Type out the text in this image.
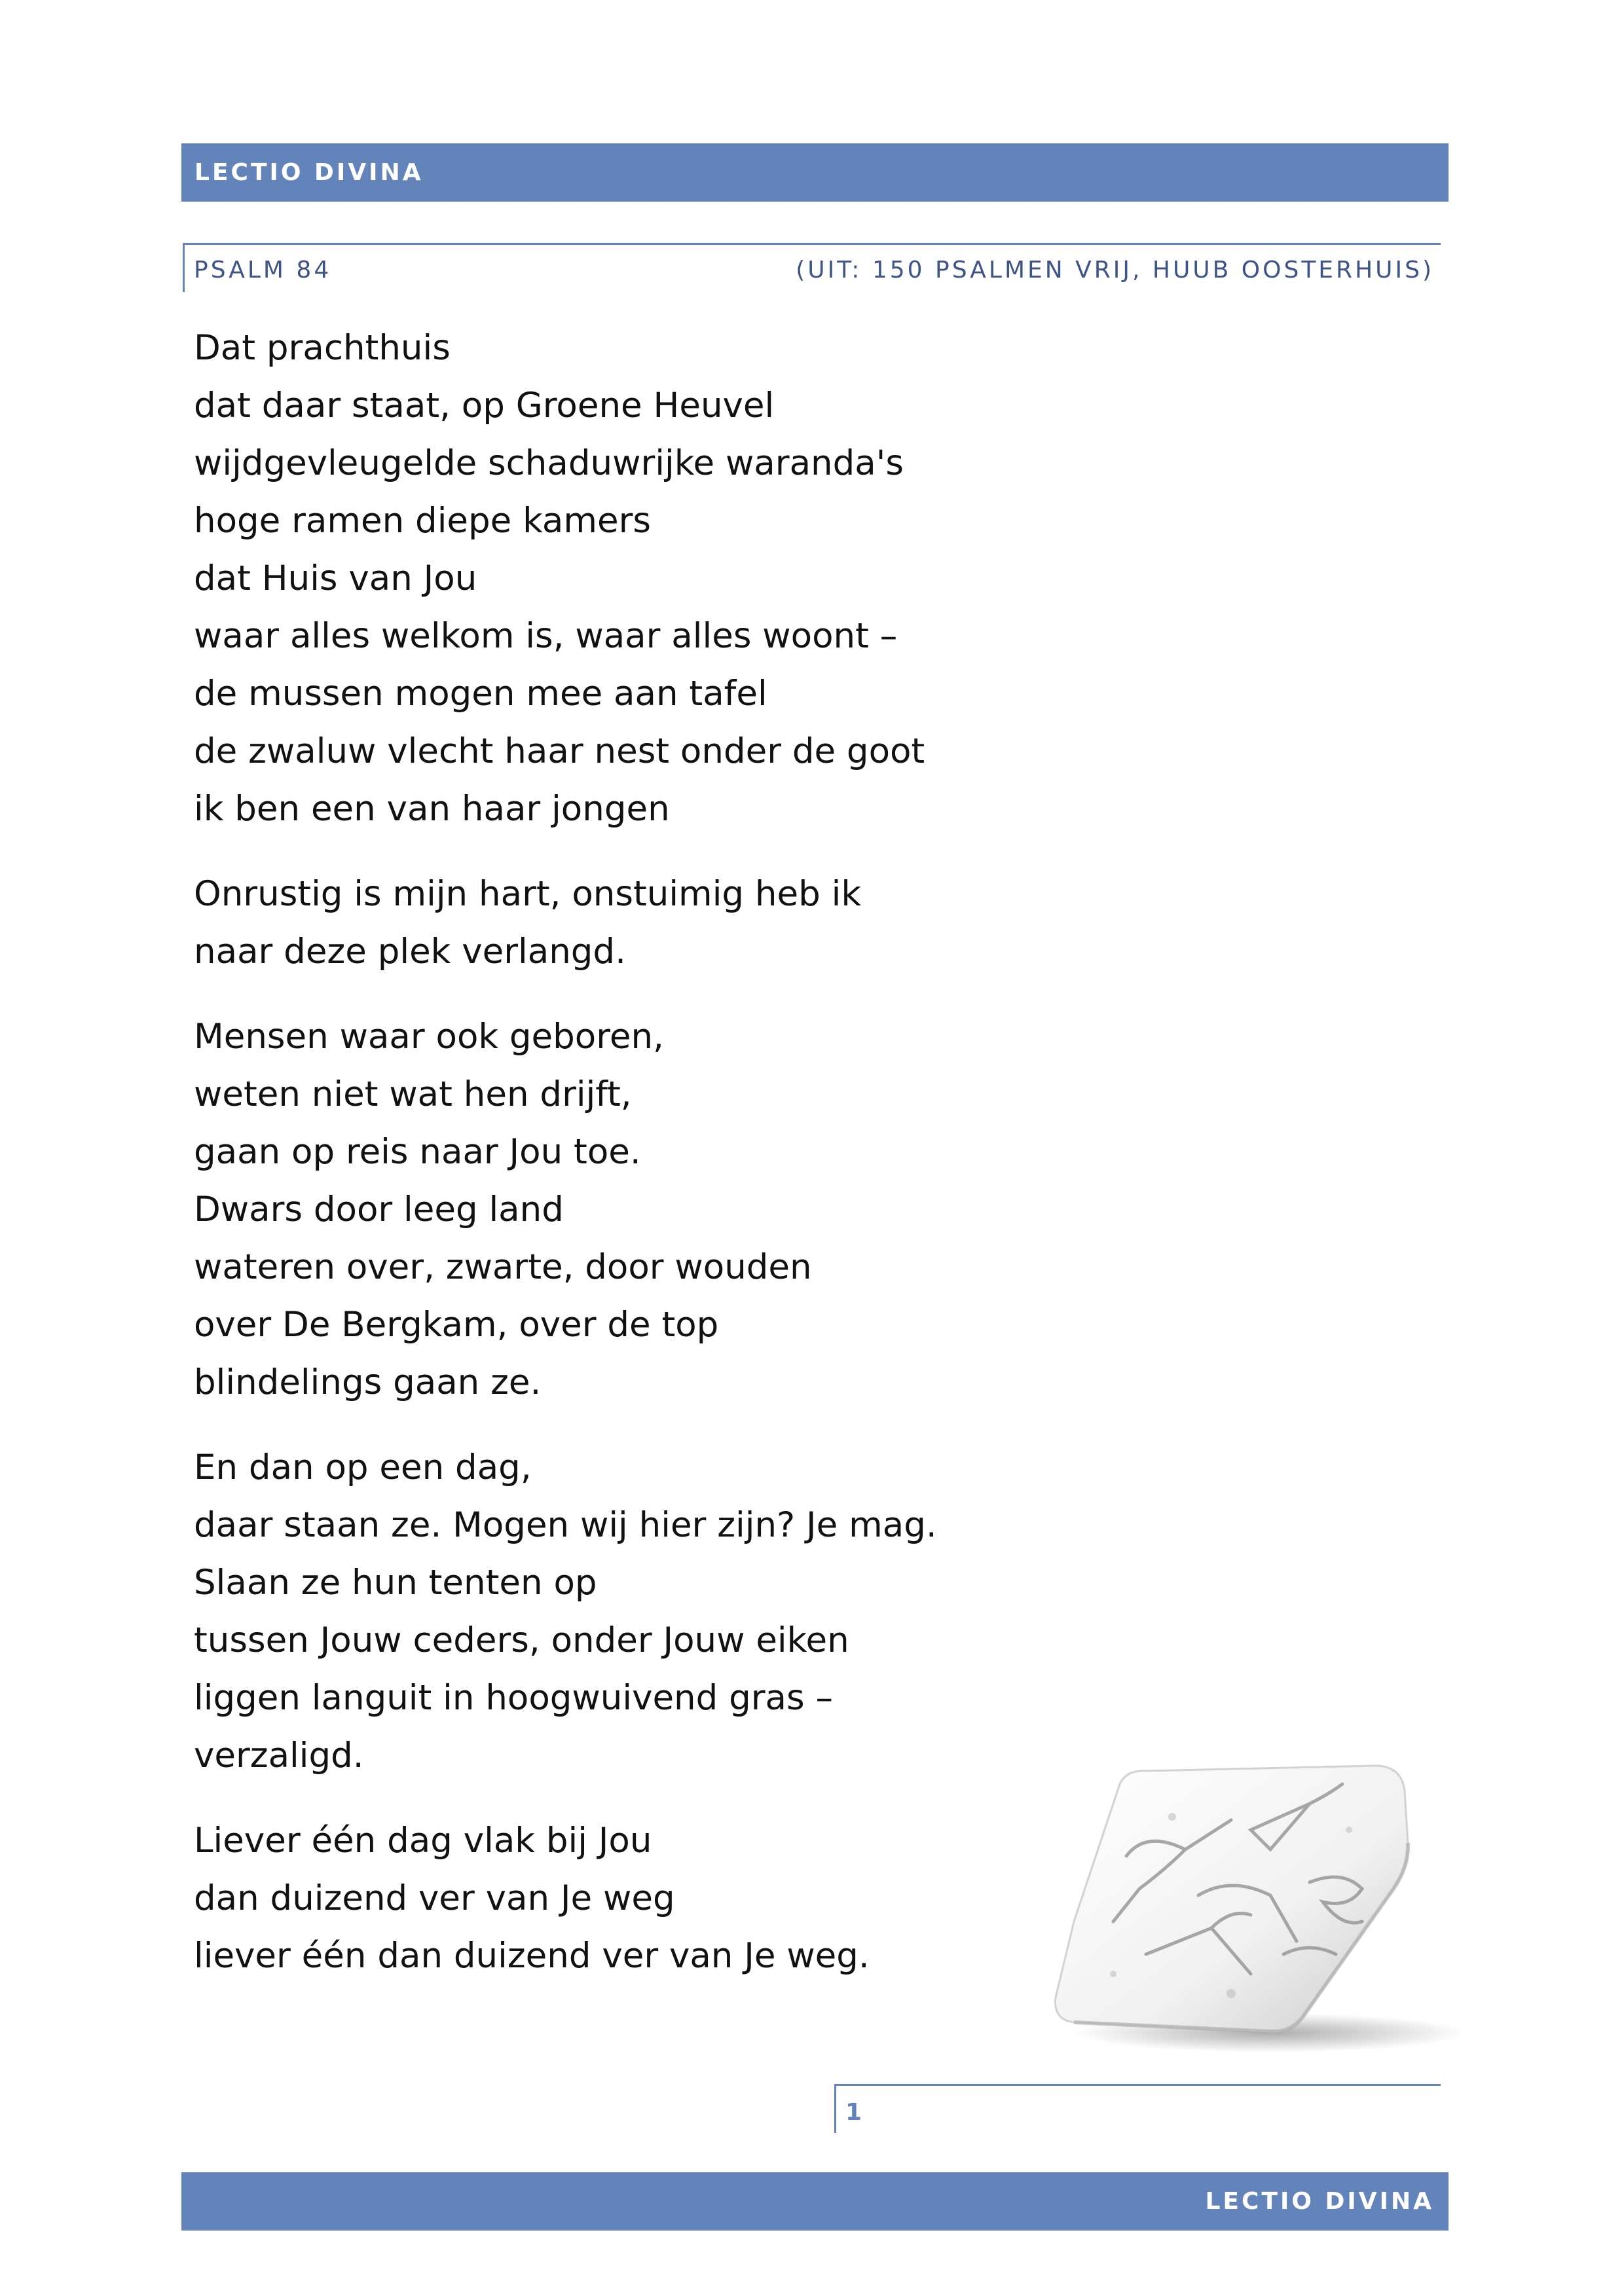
LECTIO DIVINA
PSALM 84	(UIT: 150 PSALMEN VRIJ, HUUB OOSTERHUIS)
Dat prachthuis
dat daar staat, op Groene Heuvel
wijdgevleugelde schaduwrijke waranda's
hoge ramen diepe kamers
dat Huis van Jou
waar alles welkom is, waar alles woont –
de mussen mogen mee aan tafel
de zwaluw vlecht haar nest onder de goot
ik ben een van haar jongen
Onrustig is mijn hart, onstuimig heb ik
naar deze plek verlangd.
Mensen waar ook geboren,
weten niet wat hen drijft,
gaan op reis naar Jou toe.
Dwars door leeg land
wateren over, zwarte, door wouden
over De Bergkam, over de top
blindelings gaan ze.
En dan op een dag,
daar staan ze. Mogen wij hier zijn? Je mag.
Slaan ze hun tenten op
tussen Jouw ceders, onder Jouw eiken
liggen languit in hoogwuivend gras –
verzaligd.
Liever één dag vlak bij Jou
dan duizend ver van Je weg
liever één dan duizend ver van Je weg.
1
LECTIO DIVINA
